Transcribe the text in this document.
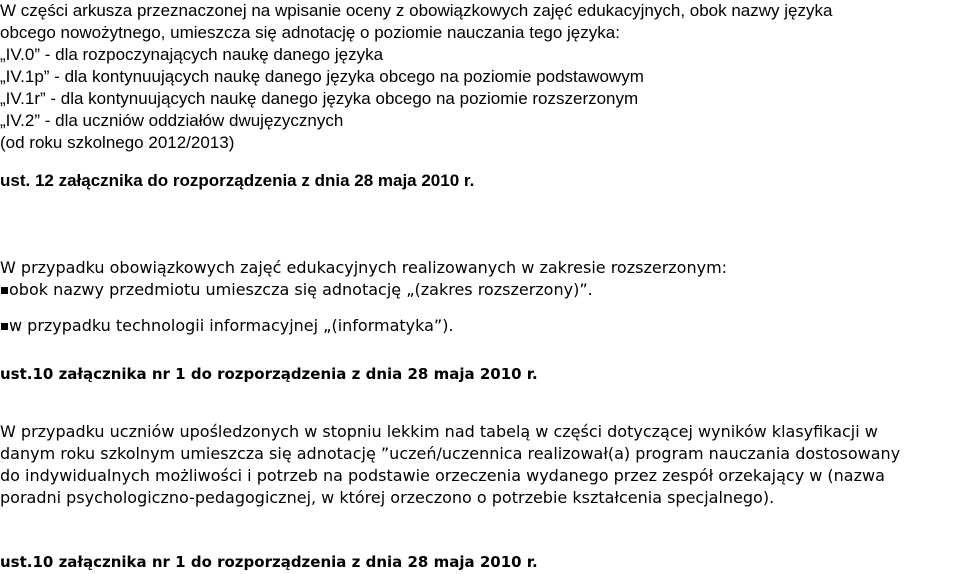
W części arkusza przeznaczonej na wpisanie oceny z obowiązkowych zajęć edukacyjnych, obok nazwy języka
obcego nowożytnego, umieszcza się adnotację o poziomie nauczania tego języka:
„IV.0” - dla rozpoczynających naukę danego języka
„IV.1p” - dla kontynuujących naukę danego języka obcego na poziomie podstawowym
„IV.1r” - dla kontynuujących naukę danego języka obcego na poziomie rozszerzonym
„IV.2” - dla uczniów oddziałów dwujęzycznych
(od roku szkolnego 2012/2013)
ust. 12 załącznika do rozporządzenia z dnia 28 maja 2010 r.
W przypadku obowiązkowych zajęć edukacyjnych realizowanych w zakresie rozszerzonym:
obok nazwy przedmiotu umieszcza się adnotację „(zakres rozszerzony)”.
w przypadku technologii informacyjnej „(informatyka”).
ust.10 załącznika nr 1 do rozporządzenia z dnia 28 maja 2010 r.
W przypadku uczniów upośledzonych w stopniu lekkim nad tabelą w części dotyczącej wyników klasyfikacji w
danym roku szkolnym umieszcza się adnotację ”uczeń/uczennica realizował(a) program nauczania dostosowany
do indywidualnych możliwości i potrzeb na podstawie orzeczenia wydanego przez zespół orzekający w (nazwa
poradni psychologiczno-pedagogicznej, w której orzeczono o potrzebie kształcenia specjalnego).
ust.10 załącznika nr 1 do rozporządzenia z dnia 28 maja 2010 r.
